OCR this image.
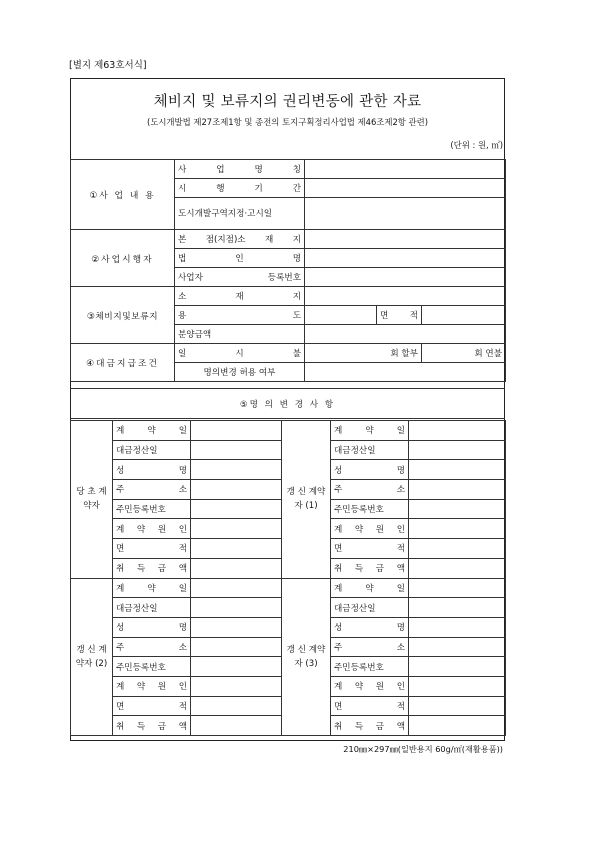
[별지 제63호서식]
체비지 및 보류지의 권리변동에 관한 자료
(도시개발법 제27조제1항 및 종전의 토지구획정리사업법 제46조제2항 관련)
(단위 : 원, ㎡)
①사 업 내 용	사 업 명 칭			
	시 행 기 간			
	도시개발구역지정·고시일			
②사업시행자	본 점(지점)소 재 지			
	법 인 명			
	사업자 등록번호			
③체비지및보류지	소 재 지			
	용 도		면 적	
	분양금액			
④대금지급조건	일 시 불	회 할부		회 연불
	명의변경 허용 여부			
⑤명 의 변 경 사 항
당 초 계약자	계 약 일		갱 신 계약자 (1)	계 약 일	
	대금정산일			대금정산일	
	성 명			성 명	
	주 소			주 소	
	주민등록번호			주민등록번호	
	계 약 원 인			계 약 원 인	
	면 적			면 적	
	취 득 금 액			취 득 금 액	
갱 신 계약자 (2)	계 약 일		갱 신 계약자 (3)	계 약 일	
	대금정산일			대금정산일	
	성 명			성 명	
	주 소			주 소	
	주민등록번호			주민등록번호	
	계 약 원 인			계 약 원 인	
	면 적			면 적	
	취 득 금 액			취 득 금 액	
210㎜×297㎜(일반용지 60g/㎡(재활용품))
